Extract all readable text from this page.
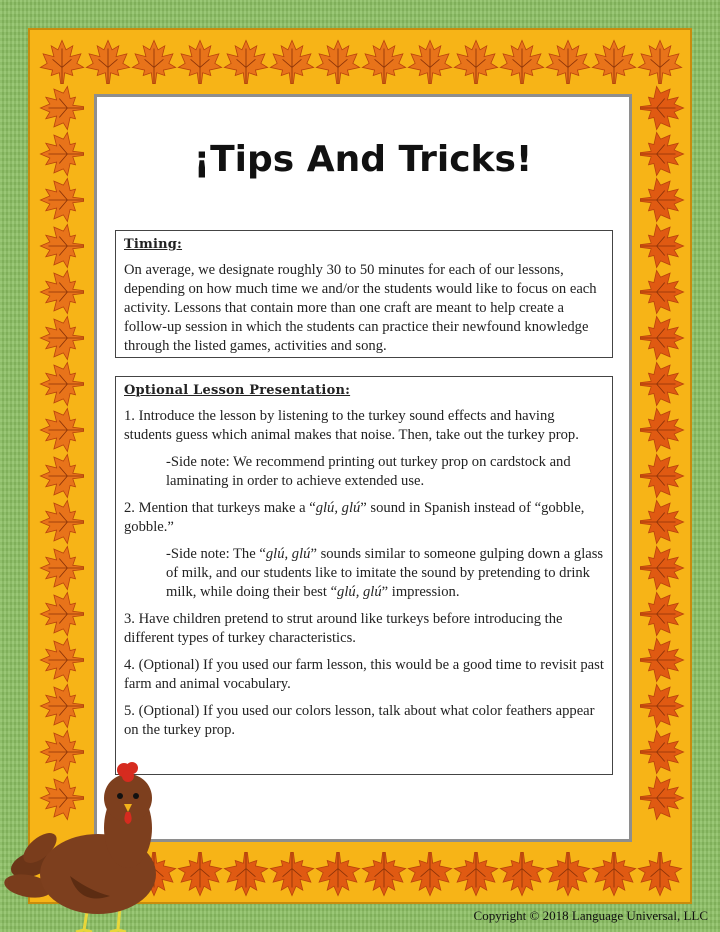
¡Tips And Tricks!
Timing:

On average, we designate roughly 30 to 50 minutes for each of our lessons, depending on how much time we and/or the students would like to focus on each activity. Lessons that contain more than one craft are meant to help create a follow-up session in which the students can practice their newfound knowledge through the listed games, activities and song.

Optional Lesson Presentation:

1. Introduce the lesson by listening to the turkey sound effects and having students guess which animal makes that noise. Then, take out the turkey prop.

-Side note: We recommend printing out turkey prop on cardstock and laminating in order to achieve extended use.

2. Mention that turkeys make a “glú, glú” sound in Spanish instead of “gobble, gobble.”

-Side note: The “glú, glú” sounds similar to someone gulping down a glass of milk, and our students like to imitate the sound by pretending to drink milk, while doing their best “glú, glú” impression.

3. Have children pretend to strut around like turkeys before introducing the different types of turkey characteristics.

4. (Optional) If you used our farm lesson, this would be a good time to revisit past farm and animal vocabulary.

5. (Optional) If you used our colors lesson, talk about what color feathers appear on the turkey prop.

Copyright © 2018 Language Universal, LLC
